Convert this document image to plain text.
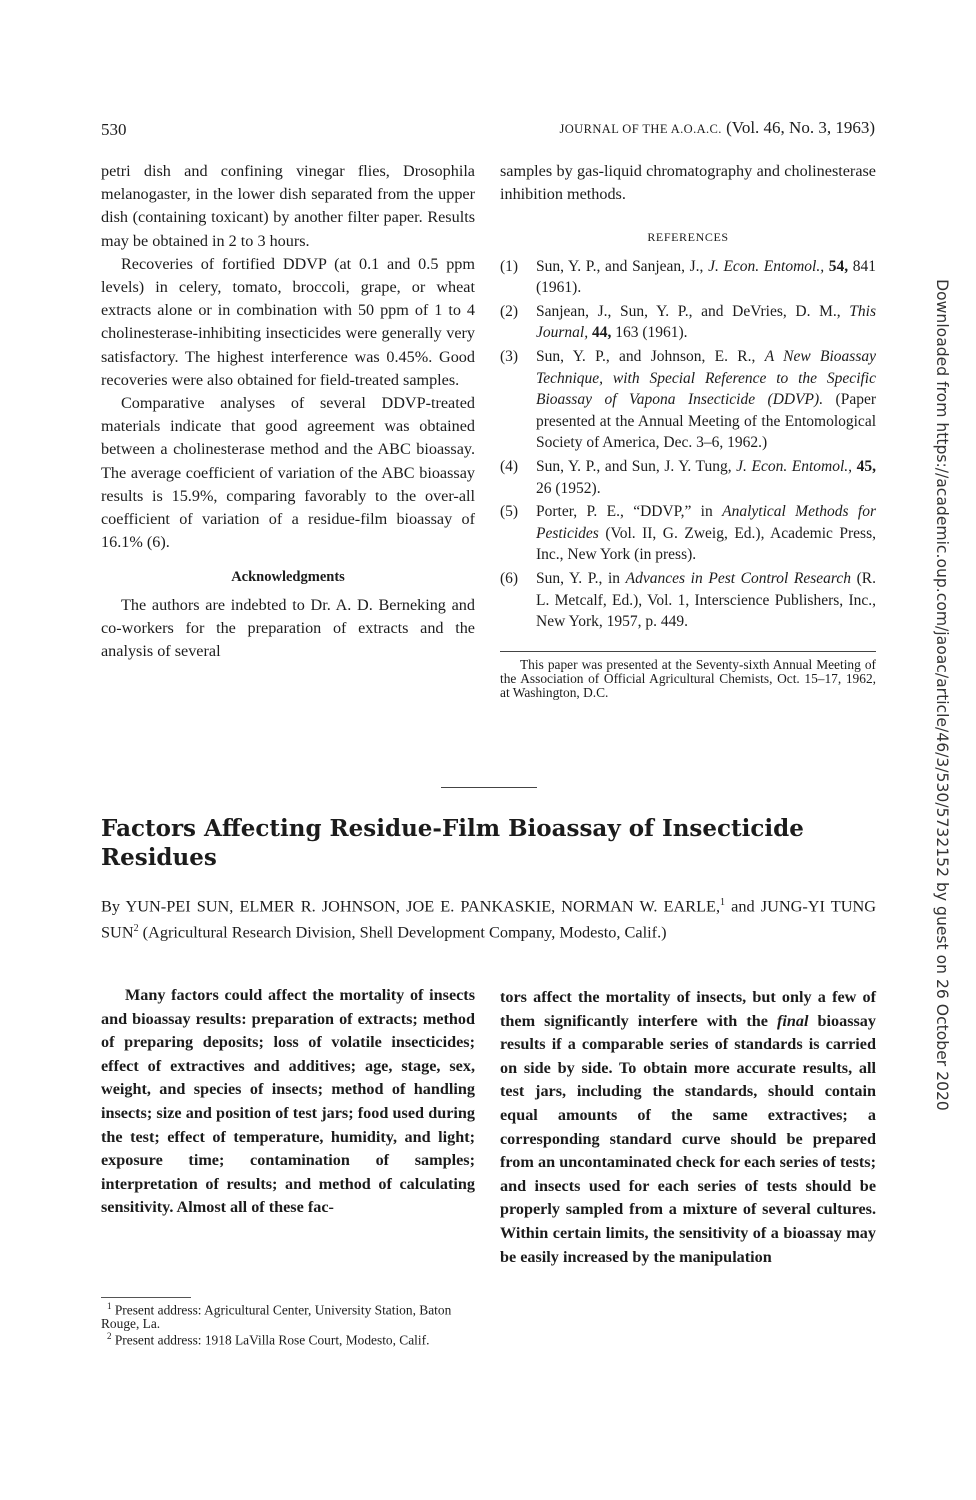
530	JOURNAL OF THE A.O.A.C. (Vol. 46, No. 3, 1963)

petri dish and confining vinegar flies, Drosophila melanogaster, in the lower dish separated from the upper dish (containing toxicant) by another filter paper. Results may be obtained in 2 to 3 hours.

Recoveries of fortified DDVP (at 0.1 and 0.5 ppm levels) in celery, tomato, broccoli, grape, or wheat extracts alone or in combination with 50 ppm of 1 to 4 cholinesterase-inhibiting insecticides were generally very satisfactory. The highest interference was 0.45%. Good recoveries were also obtained for field-treated samples.

Comparative analyses of several DDVP-treated materials indicate that good agreement was obtained between a cholinesterase method and the ABC bioassay. The average coefficient of variation of the ABC bioassay results is 15.9%, comparing favorably to the over-all coefficient of variation of a residue-film bioassay of 16.1% (6).

Acknowledgments

The authors are indebted to Dr. A. D. Berneking and co-workers for the preparation of extracts and the analysis of several

samples by gas-liquid chromatography and cholinesterase inhibition methods.

REFERENCES
(1) Sun, Y. P., and Sanjean, J., J. Econ. Entomol., 54, 841 (1961).
(2) Sanjean, J., Sun, Y. P., and DeVries, D. M., This Journal, 44, 163 (1961).
(3) Sun, Y. P., and Johnson, E. R., A New Bioassay Technique, with Special Reference to the Specific Bioassay of Vapona Insecticide (DDVP). (Paper presented at the Annual Meeting of the Entomological Society of America, Dec. 3–6, 1962.)
(4) Sun, Y. P., and Sun, J. Y. Tung, J. Econ. Entomol., 45, 26 (1952).
(5) Porter, P. E., “DDVP,” in Analytical Methods for Pesticides (Vol. II, G. Zweig, Ed.), Academic Press, Inc., New York (in press).
(6) Sun, Y. P., in Advances in Pest Control Research (R. L. Metcalf, Ed.), Vol. 1, Interscience Publishers, Inc., New York, 1957, p. 449.
This paper was presented at the Seventy-sixth Annual Meeting of the Association of Official Agricultural Chemists, Oct. 15–17, 1962, at Washington, D.C.
Factors Affecting Residue-Film Bioassay of Insecticide Residues
By YUN-PEI SUN, ELMER R. JOHNSON, JOE E. PANKASKIE, NORMAN W. EARLE,$^1$ and JUNG-YI TUNG SUN$^2$ (Agricultural Research Division, Shell Development Company, Modesto, Calif.)
Many factors could affect the mortality of insects and bioassay results: preparation of extracts; method of preparing deposits; loss of volatile insecticides; effect of extractives and additives; age, stage, sex, weight, and species of insects; method of handling insects; size and position of test jars; food used during the test; effect of temperature, humidity, and light; exposure time; contamination of samples; interpretation of results; and method of calculating sensitivity. Almost all of these fac-
tors affect the mortality of insects, but only a few of them significantly interfere with the final bioassay results if a comparable series of standards is carried on side by side. To obtain more accurate results, all test jars, including the standards, should contain equal amounts of the same extractives; a corresponding standard curve should be prepared from an uncontaminated check for each series of tests; and insects used for each series of tests should be properly sampled from a mixture of several cultures. Within certain limits, the sensitivity of a bioassay may be easily increased by the manipulation
$^1$ Present address: Agricultural Center, University Station, Baton Rouge, La.
$^2$ Present address: 1918 LaVilla Rose Court, Modesto, Calif.
Downloaded from https://academic.oup.com/jaoac/article/46/3/530/5732152 by guest on 26 October 2020
